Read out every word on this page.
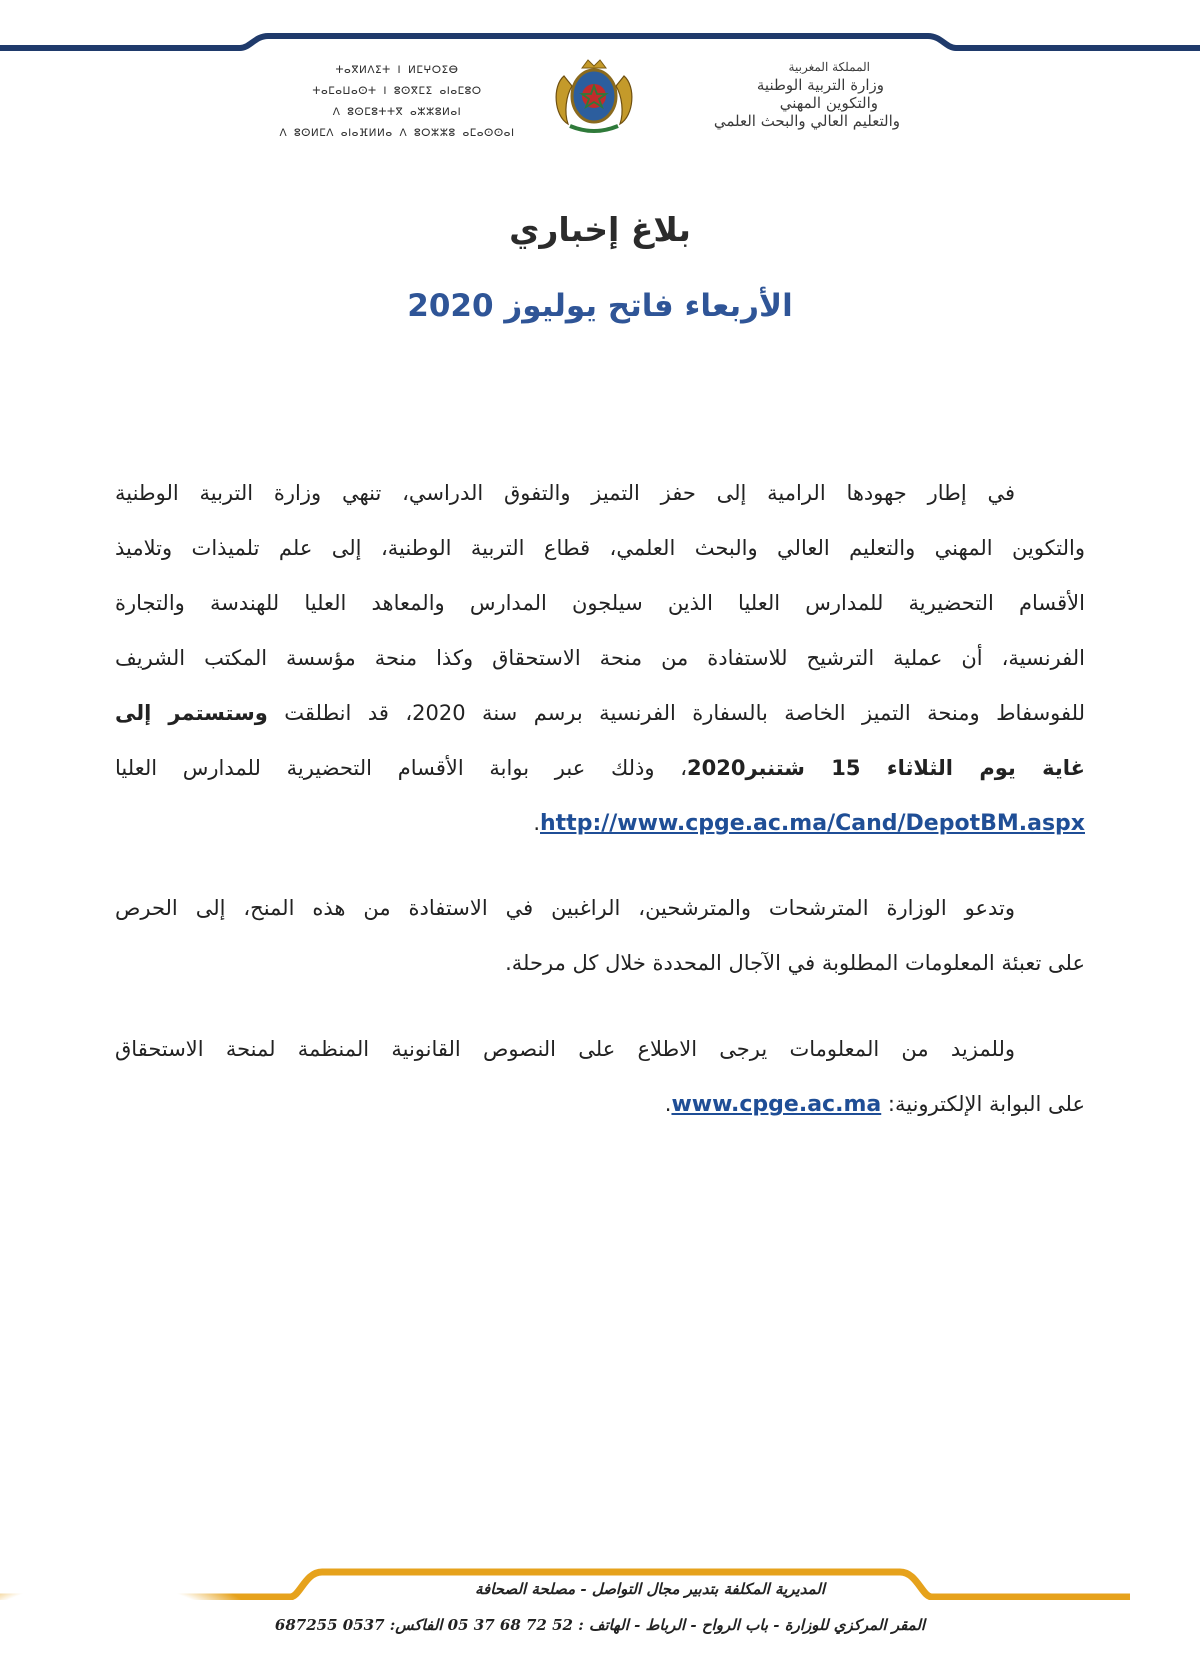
المملكة المغربية
وزارة التربية الوطنية
والتكوين المهني
والتعليم العالي والبحث العلمي
ⵜⴰⴳⵍⴷⵉⵜ ⵏ ⵍⵎⵖⵔⵉⴱ
ⵜⴰⵎⴰⵡⴰⵙⵜ ⵏ ⵓⵙⴳⵎⵉ ⴰⵏⴰⵎⵓⵔ
ⴷ ⵓⵙⵎⵓⵜⵜⴳ ⴰⵣⵣⵓⵍⴰⵏ
ⴷ ⵓⵙⵍⵎⴷ ⴰⵏⴰⴼⵍⵍⴰ ⴷ ⵓⵔⵣⵣⵓ ⴰⵎⴰⵙⵙⴰⵏ
بلاغ إخباري
الأربعاء فاتح يوليوز 2020
في إطار جهودها الرامية إلى حفز التميز والتفوق الدراسي، تنهي وزارة التربية الوطنية
والتكوين المهني والتعليم العالي والبحث العلمي، قطاع التربية الوطنية، إلى علم تلميذات وتلاميذ
الأقسام التحضيرية للمدارس العليا الذين سيلجون المدارس والمعاهد العليا للهندسة والتجارة
الفرنسية، أن عملية الترشيح للاستفادة من منحة الاستحقاق وكذا منحة مؤسسة المكتب الشريف
للفوسفاط ومنحة التميز الخاصة بالسفارة الفرنسية برسم سنة 2020، قد انطلقت وستستمر إلى
غاية يوم الثلاثاء 15 شتنبر2020، وذلك عبر بوابة الأقسام التحضيرية للمدارس العليا
http://www.cpge.ac.ma/Cand/DepotBM.aspx.
وتدعو الوزارة المترشحات والمترشحين، الراغبين في الاستفادة من هذه المنح، إلى الحرص
على تعبئة المعلومات المطلوبة في الآجال المحددة خلال كل مرحلة.
وللمزيد من المعلومات يرجى الاطلاع على النصوص القانونية المنظمة لمنحة الاستحقاق
على البوابة الإلكترونية: www.cpge.ac.ma.
المديرية المكلفة بتدبير مجال التواصل - مصلحة الصحافة
المقر المركزي للوزارة - باب الرواح - الرباط - الهاتف : 52 72 68 37 05 الفاكس: 0537 687255
